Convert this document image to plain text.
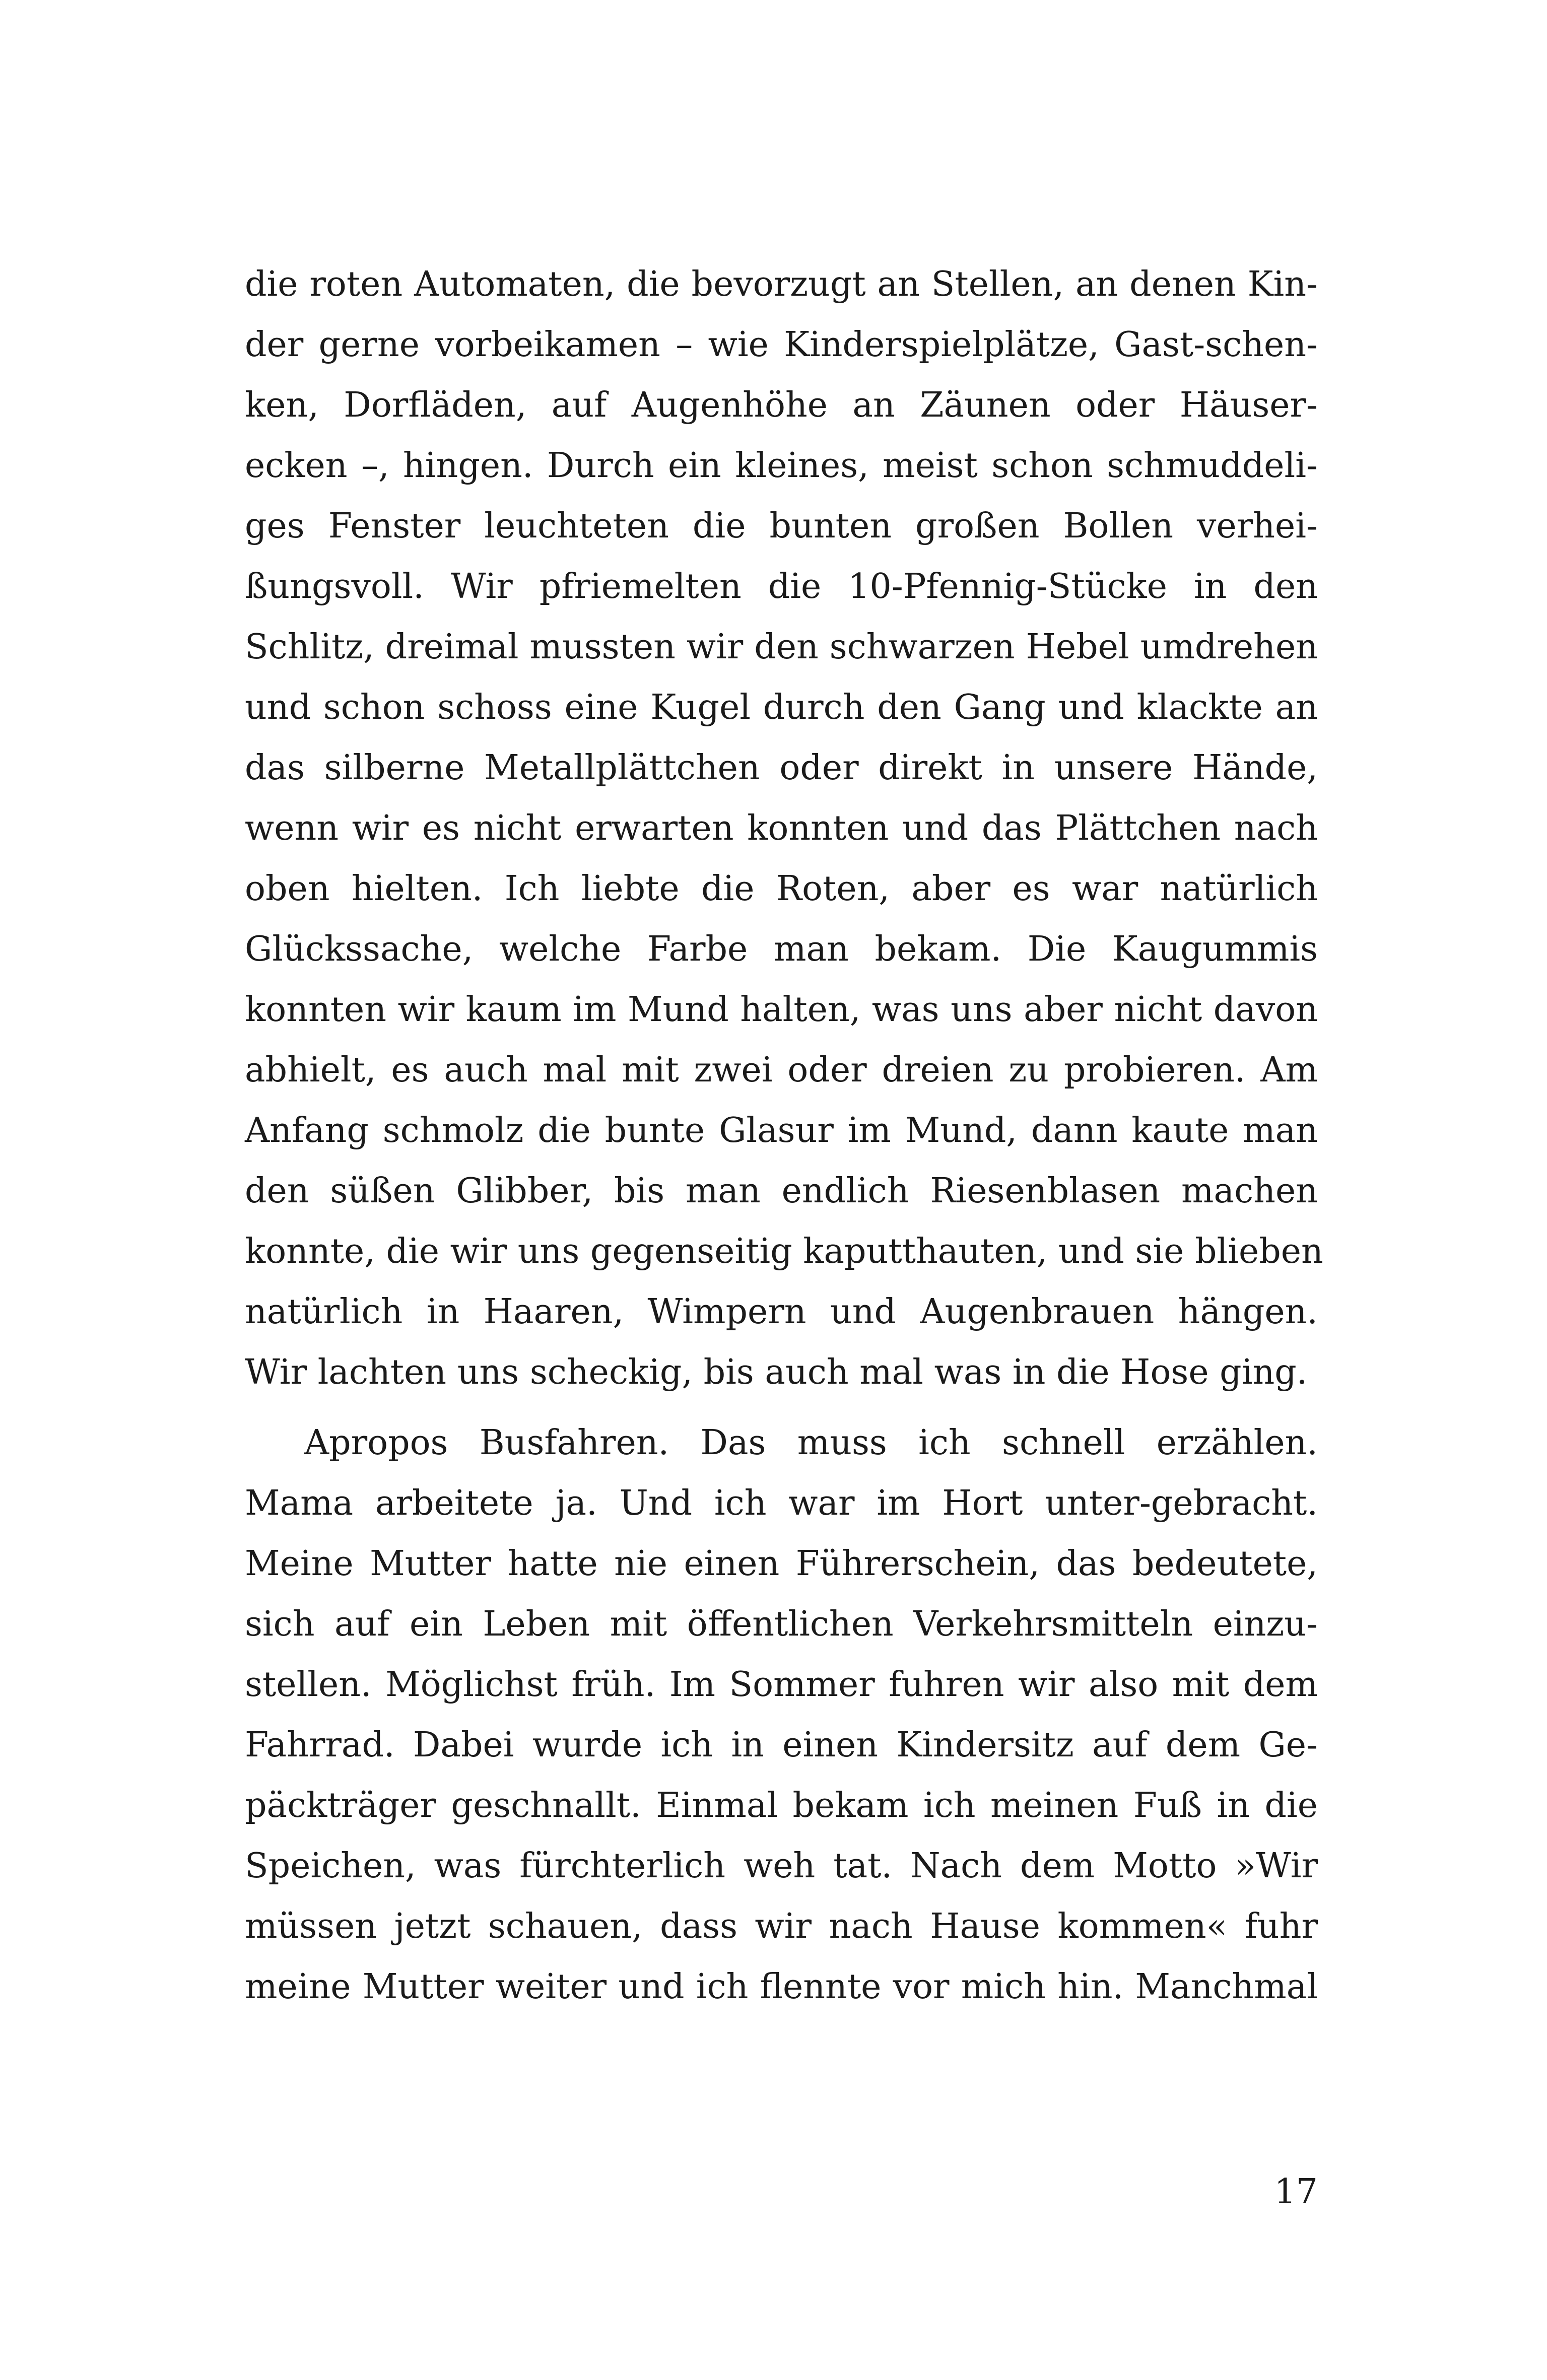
die roten Automaten, die bevorzugt an Stellen, an denen Kin-
der gerne vorbeikamen – wie Kinderspielplätze, Gast-schen-
ken, Dorfläden, auf Augenhöhe an Zäunen oder Häuser-
ecken –, hingen. Durch ein kleines, meist schon schmuddeli-
ges Fenster leuchteten die bunten großen Bollen verhei-
ßungsvoll. Wir pfriemelten die 10-Pfennig-Stücke in den
Schlitz, dreimal mussten wir den schwarzen Hebel umdrehen
und schon schoss eine Kugel durch den Gang und klackte an
das silberne Metallplättchen oder direkt in unsere Hände,
wenn wir es nicht erwarten konnten und das Plättchen nach
oben hielten. Ich liebte die Roten, aber es war natürlich
Glückssache, welche Farbe man bekam. Die Kaugummis
konnten wir kaum im Mund halten, was uns aber nicht davon
abhielt, es auch mal mit zwei oder dreien zu probieren. Am
Anfang schmolz die bunte Glasur im Mund, dann kaute man
den süßen Glibber, bis man endlich Riesenblasen machen
konnte, die wir uns gegenseitig kaputthauten, und sie blieben
natürlich in Haaren, Wimpern und Augenbrauen hängen.
Wir lachten uns scheckig, bis auch mal was in die Hose ging.
Apropos Busfahren. Das muss ich schnell erzählen.
Mama arbeitete ja. Und ich war im Hort unter-gebracht.
Meine Mutter hatte nie einen Führerschein, das bedeutete,
sich auf ein Leben mit öffentlichen Verkehrsmitteln einzu-
stellen. Möglichst früh. Im Sommer fuhren wir also mit dem
Fahrrad. Dabei wurde ich in einen Kindersitz auf dem Ge-
päckträger geschnallt. Einmal bekam ich meinen Fuß in die
Speichen, was fürchterlich weh tat. Nach dem Motto »Wir
müssen jetzt schauen, dass wir nach Hause kommen« fuhr
meine Mutter weiter und ich flennte vor mich hin. Manchmal
17
